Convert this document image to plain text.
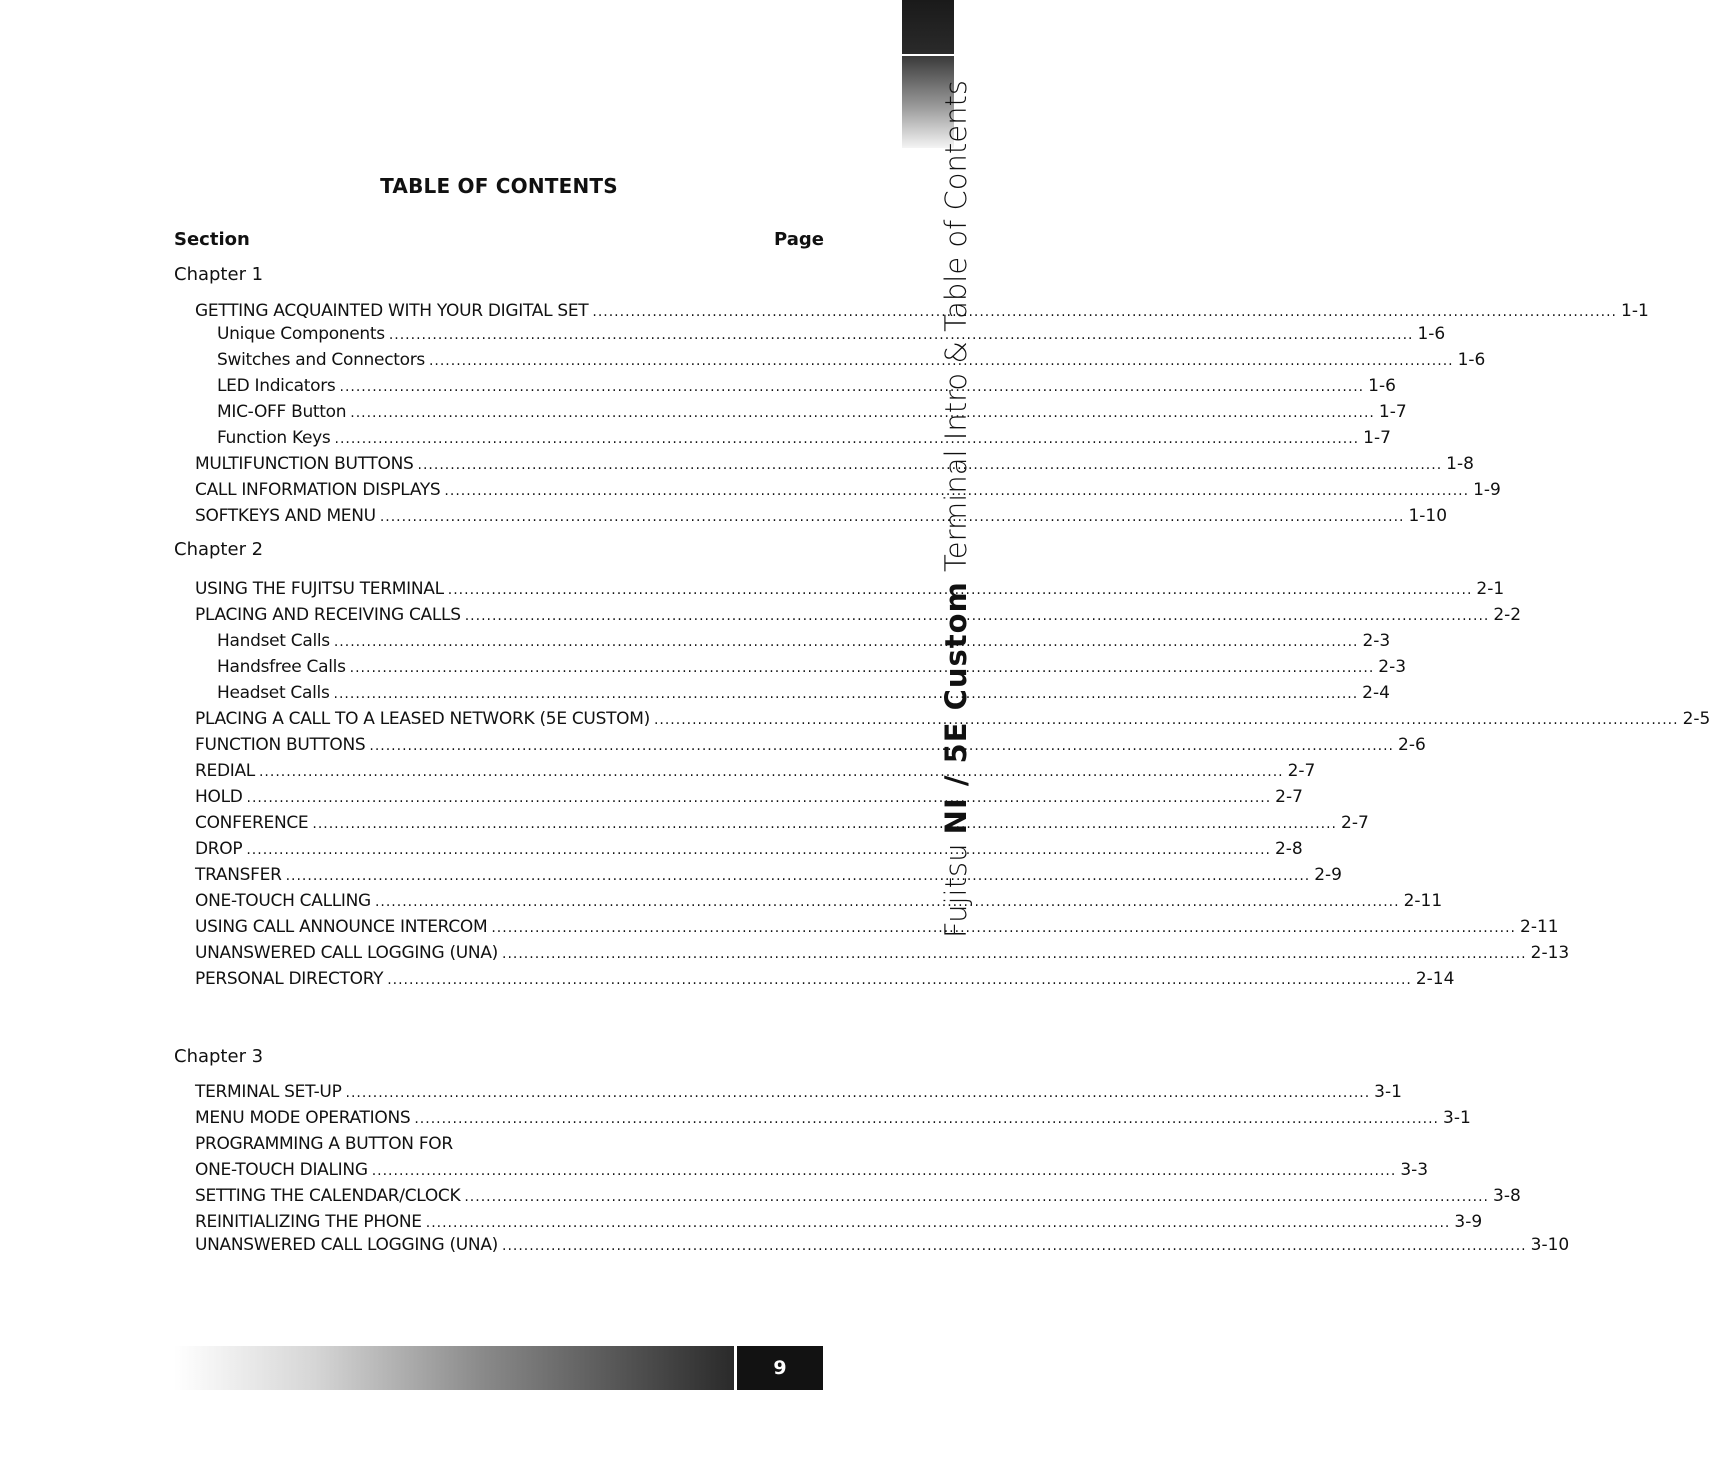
Fujitsu NI / 5E Custom Terminal Intro & Table of Contents
TABLE OF CONTENTS
Section	Page
Chapter 1
GETTING ACQUAINTED WITH YOUR DIGITAL SET .....	1-1
Unique Components .....	1-6
Switches and Connectors .....	1-6
LED Indicators .....	1-6
MIC-OFF Button .....	1-7
Function Keys .....	1-7
MULTIFUNCTION BUTTONS .....	1-8
CALL INFORMATION DISPLAYS .....	1-9
SOFTKEYS AND MENU .....	1-10
Chapter 2
USING THE FUJITSU TERMINAL .....	2-1
PLACING AND RECEIVING CALLS .....	2-2
Handset Calls .....	2-3
Handsfree Calls .....	2-3
Headset Calls .....	2-4
PLACING A CALL TO A LEASED NETWORK (5E CUSTOM) .....	2-5
FUNCTION BUTTONS .....	2-6
REDIAL .....	2-7
HOLD .....	2-7
CONFERENCE .....	2-7
DROP .....	2-8
TRANSFER .....	2-9
ONE-TOUCH CALLING .....	2-11
USING CALL ANNOUNCE INTERCOM .....	2-11
UNANSWERED CALL LOGGING (UNA) .....	2-13
PERSONAL DIRECTORY .....	2-14
Chapter 3
TERMINAL SET-UP .....	3-1
MENU MODE OPERATIONS .....	3-1
PROGRAMMING A BUTTON FOR
ONE-TOUCH DIALING .....	3-3
SETTING THE CALENDAR/CLOCK .....	3-8
REINITIALIZING THE PHONE .....	3-9
UNANSWERED CALL LOGGING (UNA) .....	3-10
9
